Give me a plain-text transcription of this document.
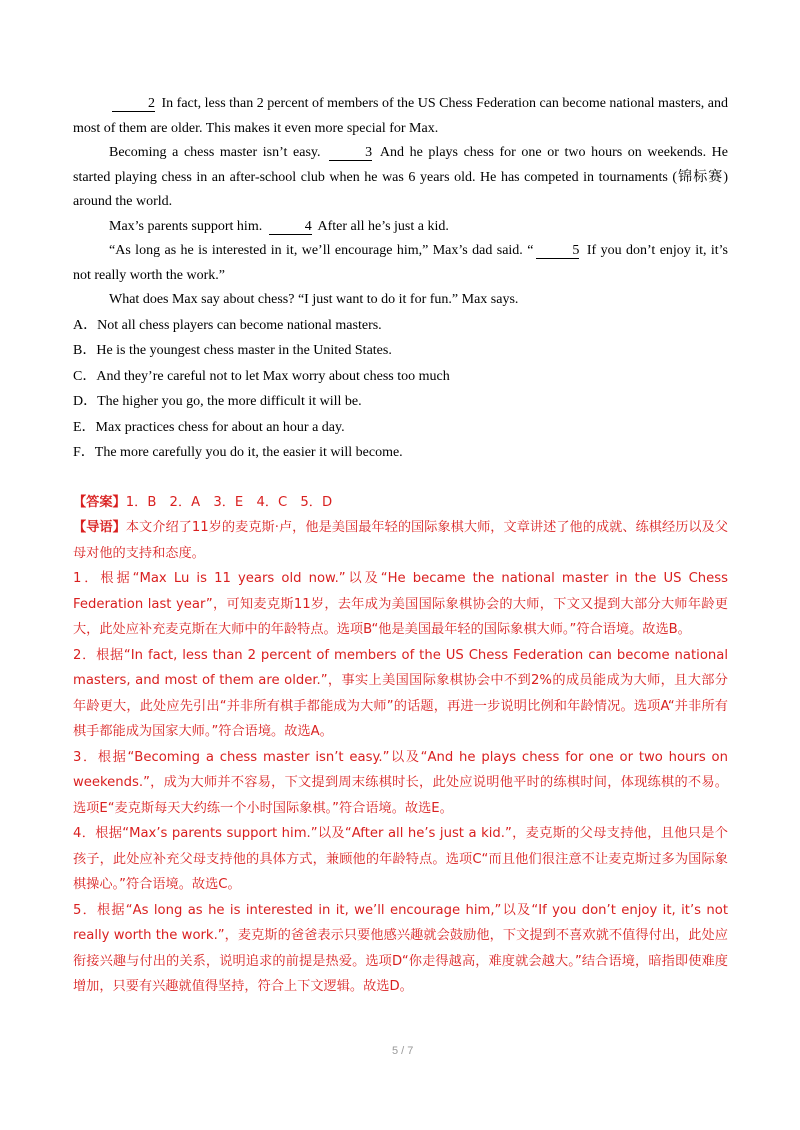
2 In fact, less than 2 percent of members of the US Chess Federation can become national masters, and most of them are older. This makes it even more special for Max.

Becoming a chess master isn’t easy.	3 And he plays chess for one or two hours on weekends. He started playing chess in an after-school club when he was 6 years old. He has competed in tournaments (锦标赛) around the world.

Max’s parents support him.	4 After all he’s just a kid.

“As long as he is interested in it, we’ll encourage him,” Max’s dad said. “	5 If you don’t enjoy it, it’s not really worth the work.”

What does Max say about chess? “I just want to do it for fun.” Max says.

A．Not all chess players can become national masters.

B．He is the youngest chess master in the United States.

C．And they’re careful not to let Max worry about chess too much

D．The higher you go, the more difficult it will be.

E．Max practices chess for about an hour a day.

F．The more carefully you do it, the easier it will become.

【答案】1．B　2．A　3．E　4．C　5．D

【导语】本文介绍了11岁的麦克斯·卢，他是美国最年轻的国际象棋大师，文章讲述了他的成就、练棋经历以及父母对他的支持和态度。

1．根据“Max Lu is 11 years old now.”以及“He became the national master in the US Chess Federation last year”，可知麦克斯11岁，去年成为美国国际象棋协会的大师，下文又提到大部分大师年龄更大，此处应补充麦克斯在大师中的年龄特点。选项B“他是美国最年轻的国际象棋大师。”符合语境。故选B。

2．根据“In fact, less than 2 percent of members of the US Chess Federation can become national masters, and most of them are older.”，事实上美国国际象棋协会中不到2%的成员能成为大师，且大部分年龄更大，此处应先引出“并非所有棋手都能成为大师”的话题，再进一步说明比例和年龄情况。选项A“并非所有棋手都能成为国家大师。”符合语境。故选A。

3．根据“Becoming a chess master isn’t easy.”以及“And he plays chess for one or two hours on weekends.”，成为大师并不容易，下文提到周末练棋时长，此处应说明他平时的练棋时间，体现练棋的不易。选项E“麦克斯每天大约练一个小时国际象棋。”符合语境。故选E。

4．根据“Max’s parents support him.”以及“After all he’s just a kid.”，麦克斯的父母支持他，且他只是个孩子，此处应补充父母支持他的具体方式，兼顾他的年龄特点。选项C“而且他们很注意不让麦克斯过多为国际象棋操心。”符合语境。故选C。

5．根据“As long as he is interested in it, we’ll encourage him,”以及“If you don’t enjoy it, it’s not really worth the work.”，麦克斯的爸爸表示只要他感兴趣就会鼓励他，下文提到不喜欢就不值得付出，此处应衔接兴趣与付出的关系，说明追求的前提是热爱。选项D“你走得越高，难度就会越大。”结合语境，暗指即使难度增加，只要有兴趣就值得坚持，符合上下文逻辑。故选D。

5 / 7
